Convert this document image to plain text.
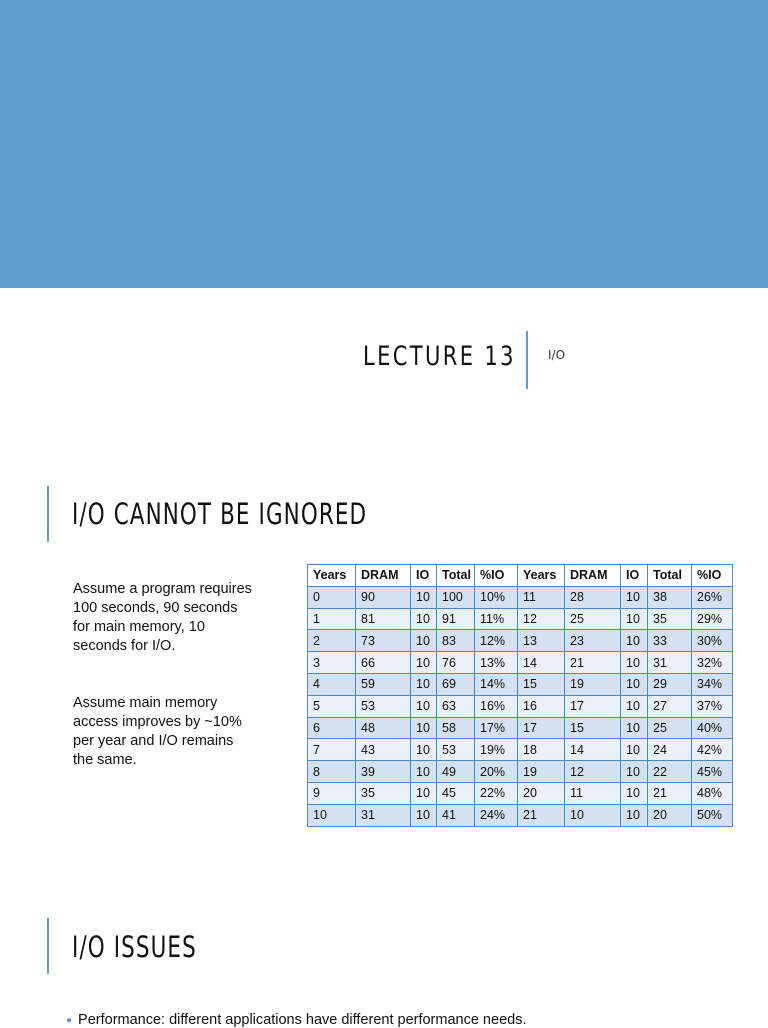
LECTURE 13	I/O
I/O CANNOT BE IGNORED
Assume a program requires 100 seconds, 90 seconds for main memory, 10 seconds for I/O.
Assume main memory access improves by ~10% per year and I/O remains the same.
Years	DRAM	IO	Total	%IO	Years	DRAM	IO	Total	%IO
0	90	10	100	10%	11	28	10	38	26%
1	81	10	91	11%	12	25	10	35	29%
2	73	10	83	12%	13	23	10	33	30%
3	66	10	76	13%	14	21	10	31	32%
4	59	10	69	14%	15	19	10	29	34%
5	53	10	63	16%	16	17	10	27	37%
6	48	10	58	17%	17	15	10	25	40%
7	43	10	53	19%	18	14	10	24	42%
8	39	10	49	20%	19	12	10	22	45%
9	35	10	45	22%	20	11	10	21	48%
10	31	10	41	24%	21	10	10	20	50%
I/O ISSUES
● Performance: different applications have different performance needs.
